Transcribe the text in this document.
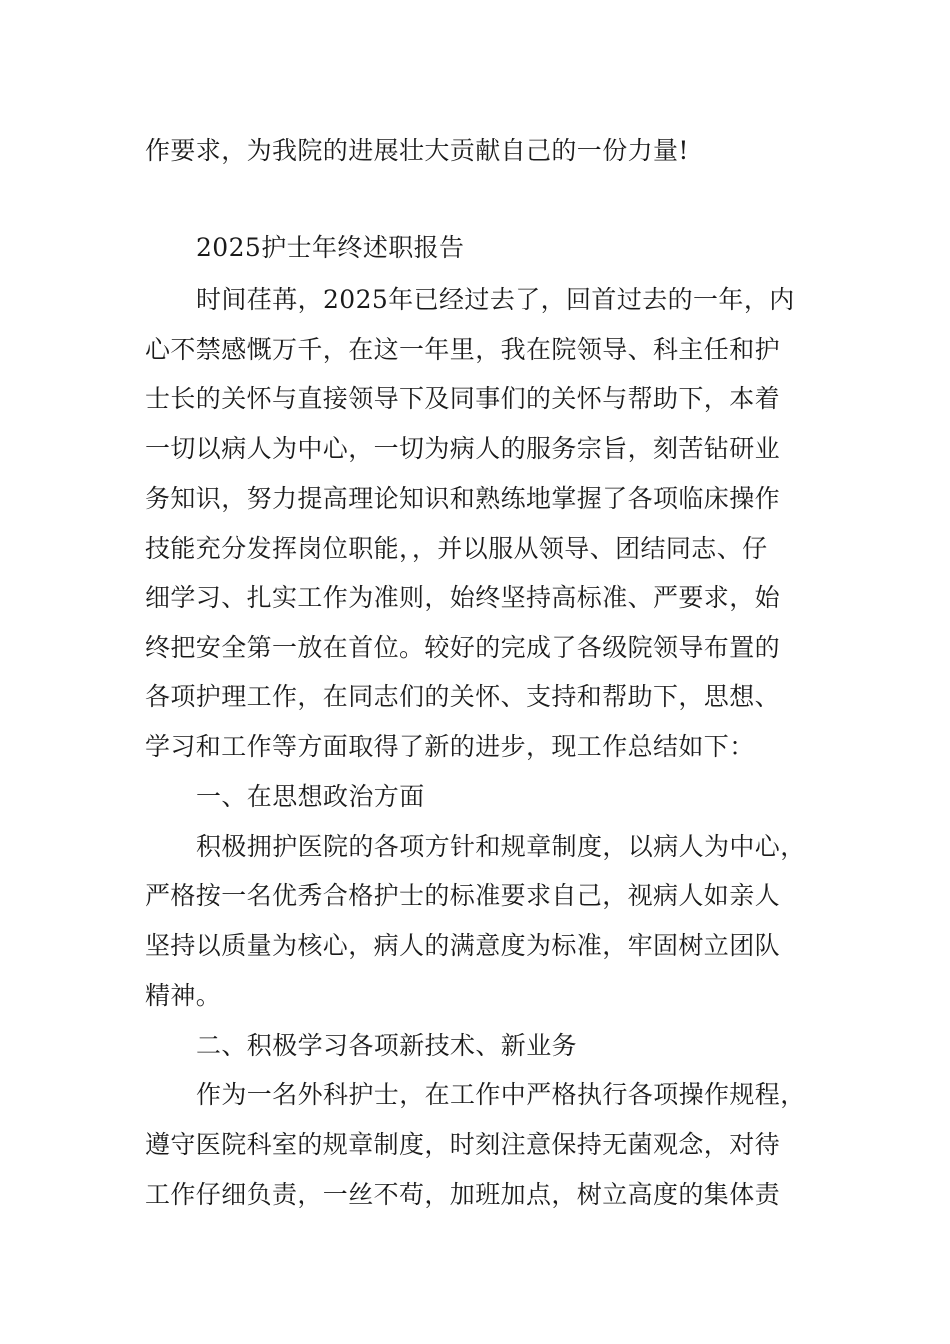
作要求，为我院的进展壮大贡献自己的一份力量!

2025护士年终述职报告

时间荏苒，2025年已经过去了，回首过去的一年，内

心不禁感慨万千，在这一年里，我在院领导、科主任和护

士长的关怀与直接领导下及同事们的关怀与帮助下，本着

一切以病人为中心，一切为病人的服务宗旨，刻苦钻研业

务知识，努力提高理论知识和熟练地掌握了各项临床操作

技能充分发挥岗位职能，，并以服从领导、团结同志、仔

细学习、扎实工作为准则，始终坚持高标准、严要求，始

终把安全第一放在首位。较好的完成了各级院领导布置的

各项护理工作，在同志们的关怀、支持和帮助下，思想、

学习和工作等方面取得了新的进步，现工作总结如下：

一、在思想政治方面

积极拥护医院的各项方针和规章制度，以病人为中心，

严格按一名优秀合格护士的标准要求自己，视病人如亲人

坚持以质量为核心，病人的满意度为标准，牢固树立团队

精神。

二、积极学习各项新技术、新业务

作为一名外科护士，在工作中严格执行各项操作规程，

遵守医院科室的规章制度，时刻注意保持无菌观念，对待

工作仔细负责，一丝不苟，加班加点，树立高度的集体责
